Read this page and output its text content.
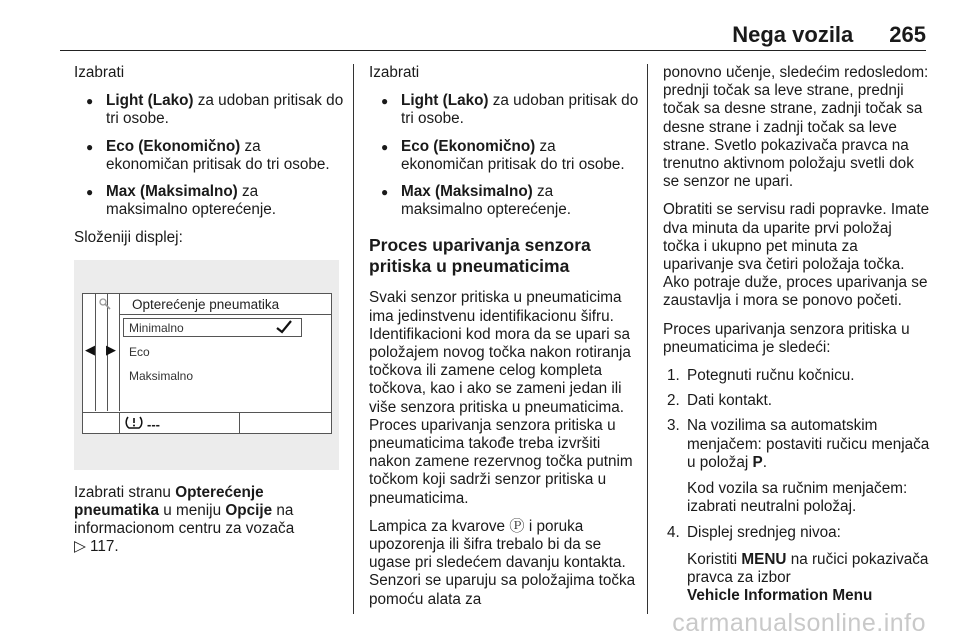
Nega vozila 265

Izabrati

● Light (Lako) za udoban pritisak do tri osobe.
● Eco (Ekonomično) za ekonomičan pritisak do tri osobe.
● Max (Maksimalno) za maksimalno opterećenje.

Složeniji displej:

◀ ▶
Opterećenje pneumatika
Minimalno
Eco
Maksimalno
---

Izabrati stranu Opterećenje pneumatika u meniju Opcije na informacionom centru za vozača
▷ 117.

Izabrati

● Light (Lako) za udoban pritisak do tri osobe.
● Eco (Ekonomično) za ekonomičan pritisak do tri osobe.
● Max (Maksimalno) za maksimalno opterećenje.

Proces uparivanja senzora pritiska u pneumaticima

Svaki senzor pritiska u pneumaticima ima jedinstvenu identifikacionu šifru. Identifikacioni kod mora da se upari sa položajem novog točka nakon rotiranja točkova ili zamene celog kompleta točkova, kao i ako se zameni jedan ili više senzora pritiska u pneumaticima. Proces uparivanja senzora pritiska u pneumaticima takođe treba izvršiti nakon zamene rezervnog točka putnim točkom koji sadrži senzor pritiska u pneumaticima.

Lampica za kvarove Ⓟ i poruka upozorenja ili šifra trebalo bi da se ugase pri sledećem davanju kontakta. Senzori se uparuju sa položajima točka pomoću alata za

ponovno učenje, sledećim redosledom: prednji točak sa leve strane, prednji točak sa desne strane, zadnji točak sa desne strane i zadnji točak sa leve strane. Svetlo pokazivača pravca na trenutno aktivnom položaju svetli dok se senzor ne upari.

Obratiti se servisu radi popravke. Imate dva minuta da uparite prvi položaj točka i ukupno pet minuta za uparivanje sva četiri položaja točka. Ako potraje duže, proces uparivanja se zaustavlja i mora se ponovo početi.

Proces uparivanja senzora pritiska u pneumaticima je sledeći:

1. Potegnuti ručnu kočnicu.
2. Dati kontakt.
3. Na vozilima sa automatskim menjačem: postaviti ručicu menjača u položaj P.

Kod vozila sa ručnim menjačem: izabrati neutralni položaj.

4. Displej srednjeg nivoa:

Koristiti MENU na ručici pokazivača pravca za izbor
Vehicle Information Menu

carmanualsonline.info
